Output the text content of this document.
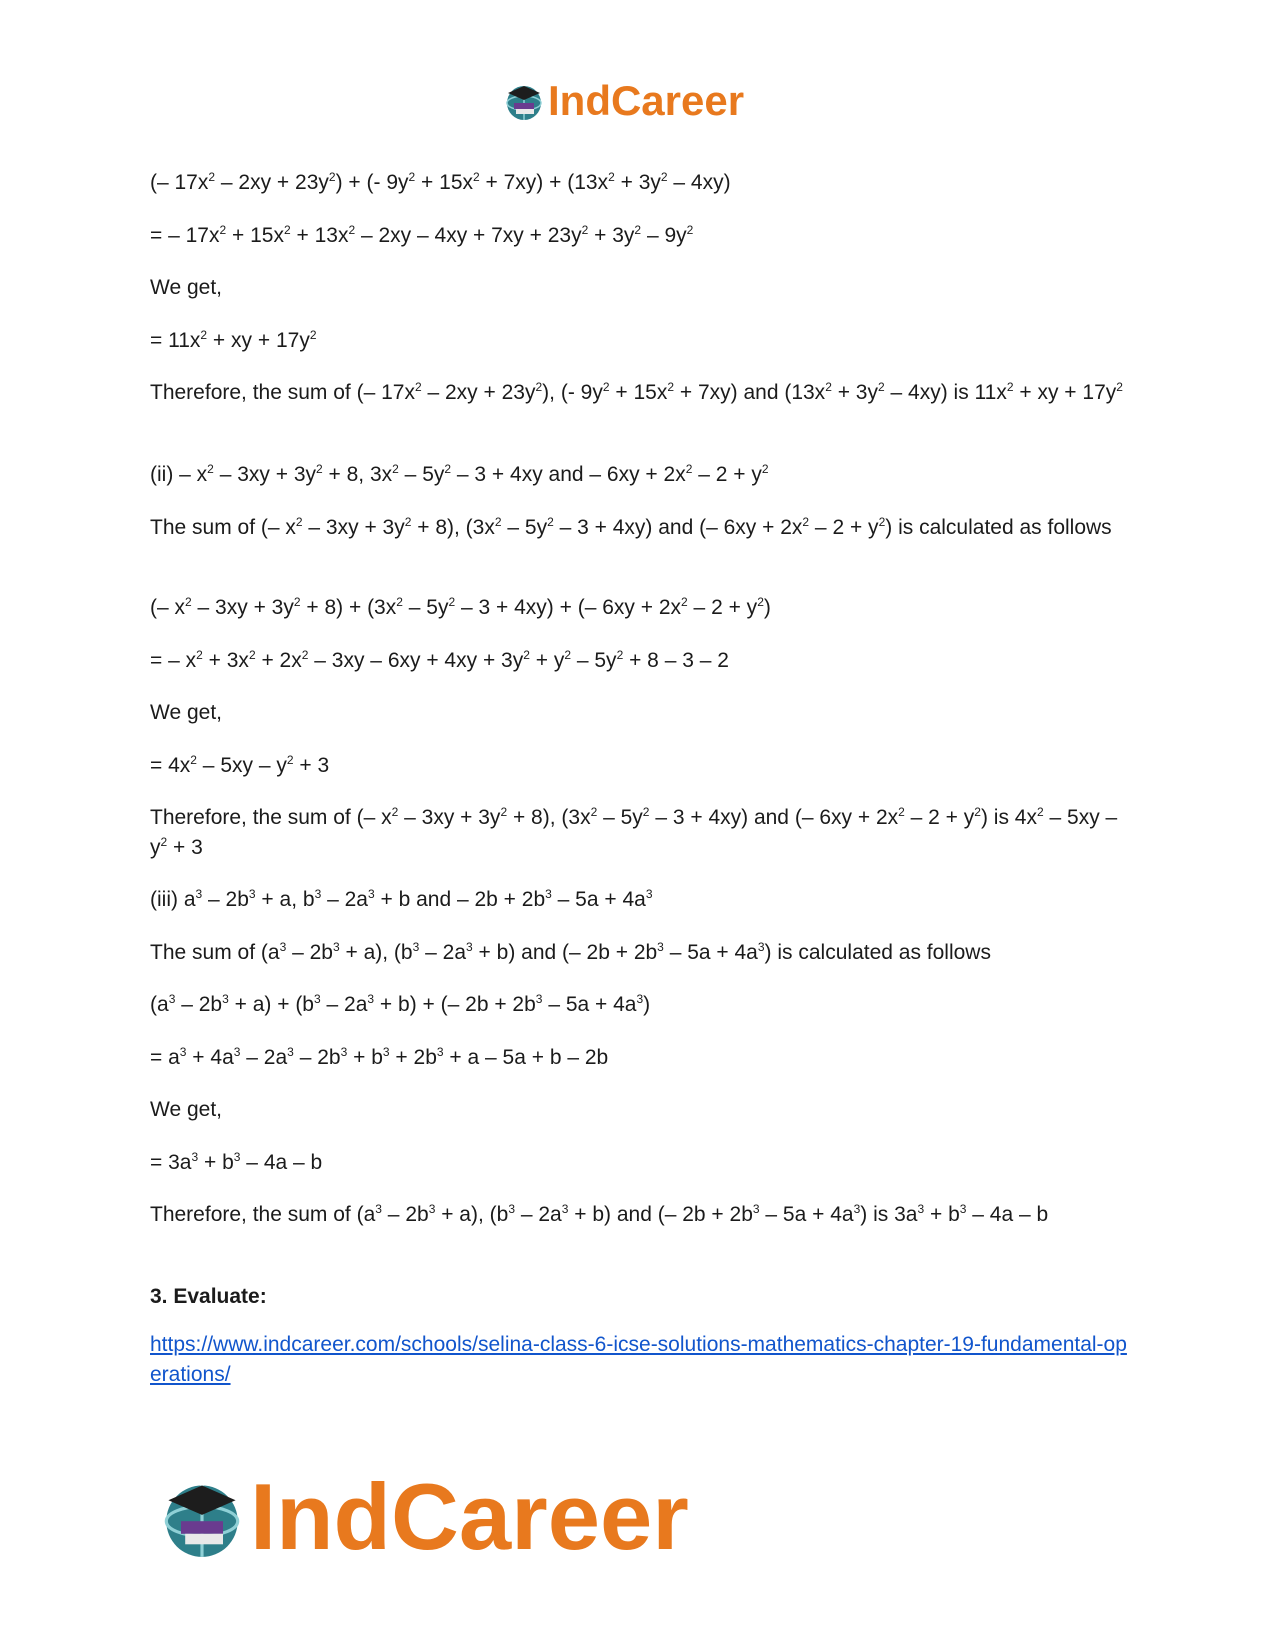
IndCareer
(– $17x^2 - 2xy + 23y^2$) + (- $9y^2 + 15x^2 + 7xy) + (13x^2 + 3y^2 - 4xy)$
= – $17x^2 + 15x^2 + 13x^2 - 2xy - 4xy + 7xy + 23y^2 + 3y^2 - 9y^2$
We get,
= $11x^2$ + xy + $17y^2$
Therefore, the sum of (– $17x^2 - 2xy + 23y^2$), (- $9y^2 + 15x^2 + 7xy$) and $(13x^2 + 3y^2 - 4xy)$ is $11x^2$ + xy + $17y^2$
$(ii) - x^2 - 3xy + 3y^2 + 8$, $3x^2 - 5y^2 - 3 + 4xy$ and – $6xy + 2x^2 - 2 + y^2$
The sum of (– $x^2 - 3xy + 3y^2 + 8$), $(3x^2 - 5y^2 - 3 + 4xy)$ and (– $6xy + 2x^2 - 2 + y^2$) is calculated as follows
(– $x^2 - 3xy + 3y^2 + 8) + (3x^2 - 5y^2 - 3 + 4xy)$ + (– $6xy + 2x^2 - 2 + y^2$)
= – $x^2 + 3x^2 + 2x^2 - 3xy - 6xy + 4xy + 3y^2 + y^2 - 5y^2 + 8 - 3 - 2$
We get,
= $4x^2 - 5xy - y^2 + 3$
Therefore, the sum of (– $x^2 - 3xy + 3y^2 + 8$), $(3x^2 - 5y^2 - 3 + 4xy)$ and (– $6xy + 2x^2 - 2 + y^2$) is $4x^2 - 5xy - y^2 + 3$
(iii) $a^3 - 2b^3 + a$, $b^3 - 2a^3 + b$ and – $2b + 2b^3 - 5a + 4a^3$
The sum of $(a^3 - 2b^3 + a)$, $(b^3 - 2a^3 + b)$ and (– $2b + 2b^3 - 5a + 4a^3$) is calculated as follows
$(a^3 - 2b^3 + a) + (b^3 - 2a^3 + b)$ + (– $2b + 2b^3 - 5a + 4a^3$)
= $a^3 + 4a^3 - 2a^3 - 2b^3 + b^3 + 2b^3 + a - 5a + b - 2b$
We get,
= $3a^3 + b^3 - 4a - b$
Therefore, the sum of $(a^3 - 2b^3 + a)$, $(b^3 - 2a^3 + b)$ and (– $2b + 2b^3 - 5a + 4a^3$) is $3a^3 + b^3 - 4a - b$
3. Evaluate:
https://www.indcareer.com/schools/selina-class-6-icse-solutions-mathematics-chapter-19-fundamental-operations/
IndCareer
